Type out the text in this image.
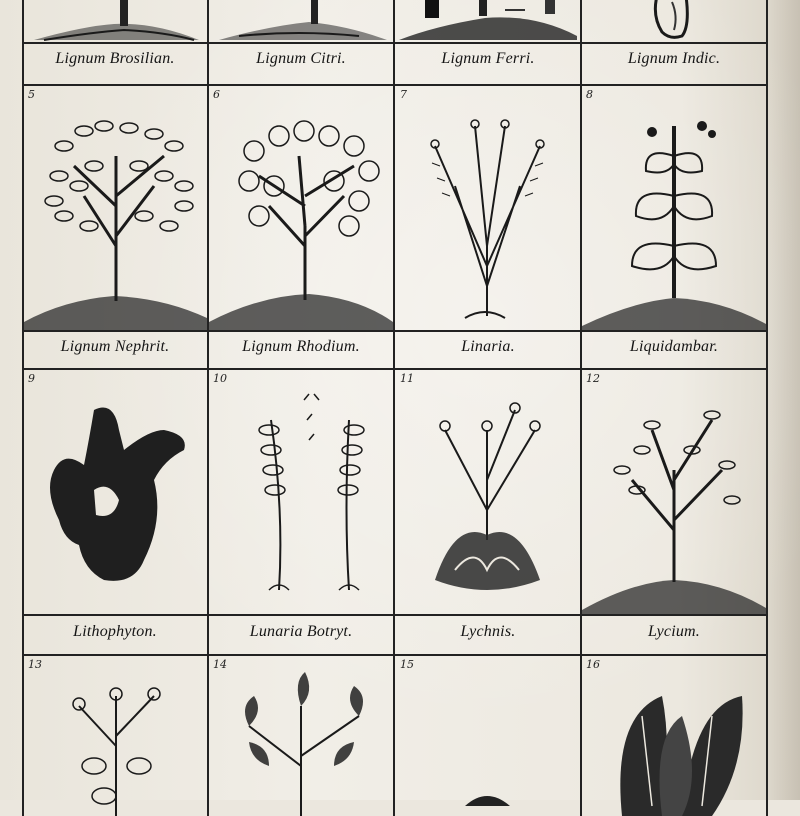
Lignum Brosilian.	Lignum Citri.	Lignum Ferri.	Lignum Indic.
Lignum Nephrit.	Lignum Rhodium.	Linaria.	Liquidambar.
Lithophyton.	Lunaria Botryt.	Lychnis.	Lycium.
5	6	7	8
9	10	11	12
13	14	15	16
